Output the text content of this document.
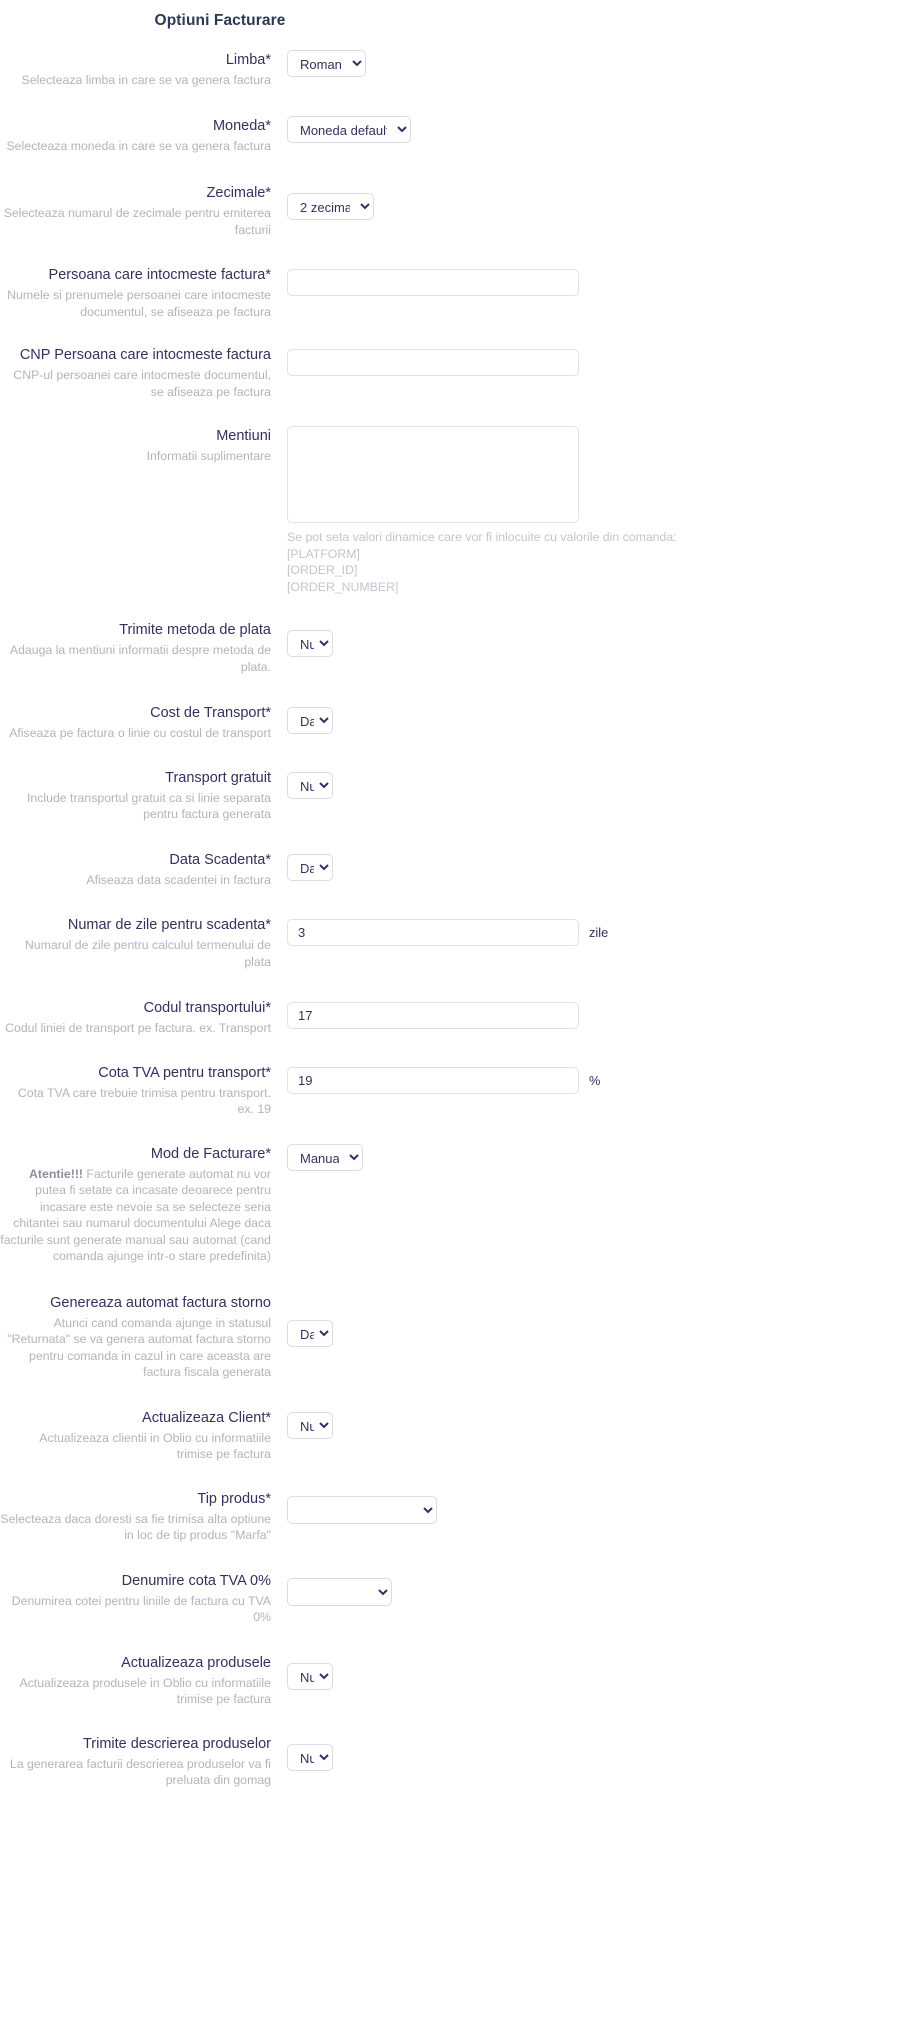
Optiuni Facturare
Limba*
Selecteaza limba in care se va genera factura
Romana
Moneda*
Selecteaza moneda in care se va genera factura
Moneda default
Zecimale*
Selecteaza numarul de zecimale pentru emiterea facturii
2 zecimale
Persoana care intocmeste factura*
Numele si prenumele persoanei care intocmeste documentul, se afiseaza pe factura
CNP Persoana care intocmeste factura
CNP-ul persoanei care intocmeste documentul, se afiseaza pe factura
Mentiuni
Informatii suplimentare
Se pot seta valori dinamice care vor fi inlocuite cu valorile din comanda:
[PLATFORM]
[ORDER_ID]
[ORDER_NUMBER]
Trimite metoda de plata
Adauga la mentiuni informatii despre metoda de plata.
Nu
Cost de Transport*
Afiseaza pe factura o linie cu costul de transport
Da
Transport gratuit
Include transportul gratuit ca si linie separata pentru factura generata
Nu
Data Scadenta*
Afiseaza data scadentei in factura
Da
Numar de zile pentru scadenta*
Numarul de zile pentru calculul termenului de plata
3
zile
Codul transportului*
Codul liniei de transport pe factura. ex. Transport
17
Cota TVA pentru transport*
Cota TVA care trebuie trimisa pentru transport. ex. 19
19
%
Mod de Facturare*
Atentie!!! Facturile generate automat nu vor putea fi setate ca incasate deoarece pentru incasare este nevoie sa se selecteze seria chitantei sau numarul documentului Alege daca facturile sunt generate manual sau automat (cand comanda ajunge intr-o stare predefinita)
Manual
Genereaza automat factura storno
Atunci cand comanda ajunge in statusul "Returnata" se va genera automat factura storno pentru comanda in cazul in care aceasta are factura fiscala generata
Da
Actualizeaza Client*
Actualizeaza clientii in Oblio cu informatiile trimise pe factura
Nu
Tip produs*
Selecteaza daca doresti sa fie trimisa alta optiune in loc de tip produs "Marfa"
Denumire cota TVA 0%
Denumirea cotei pentru liniile de factura cu TVA 0%
Actualizeaza produsele
Actualizeaza produsele in Oblio cu informatiile trimise pe factura
Nu
Trimite descrierea produselor
La generarea facturii descrierea produselor va fi preluata din gomag
Nu
